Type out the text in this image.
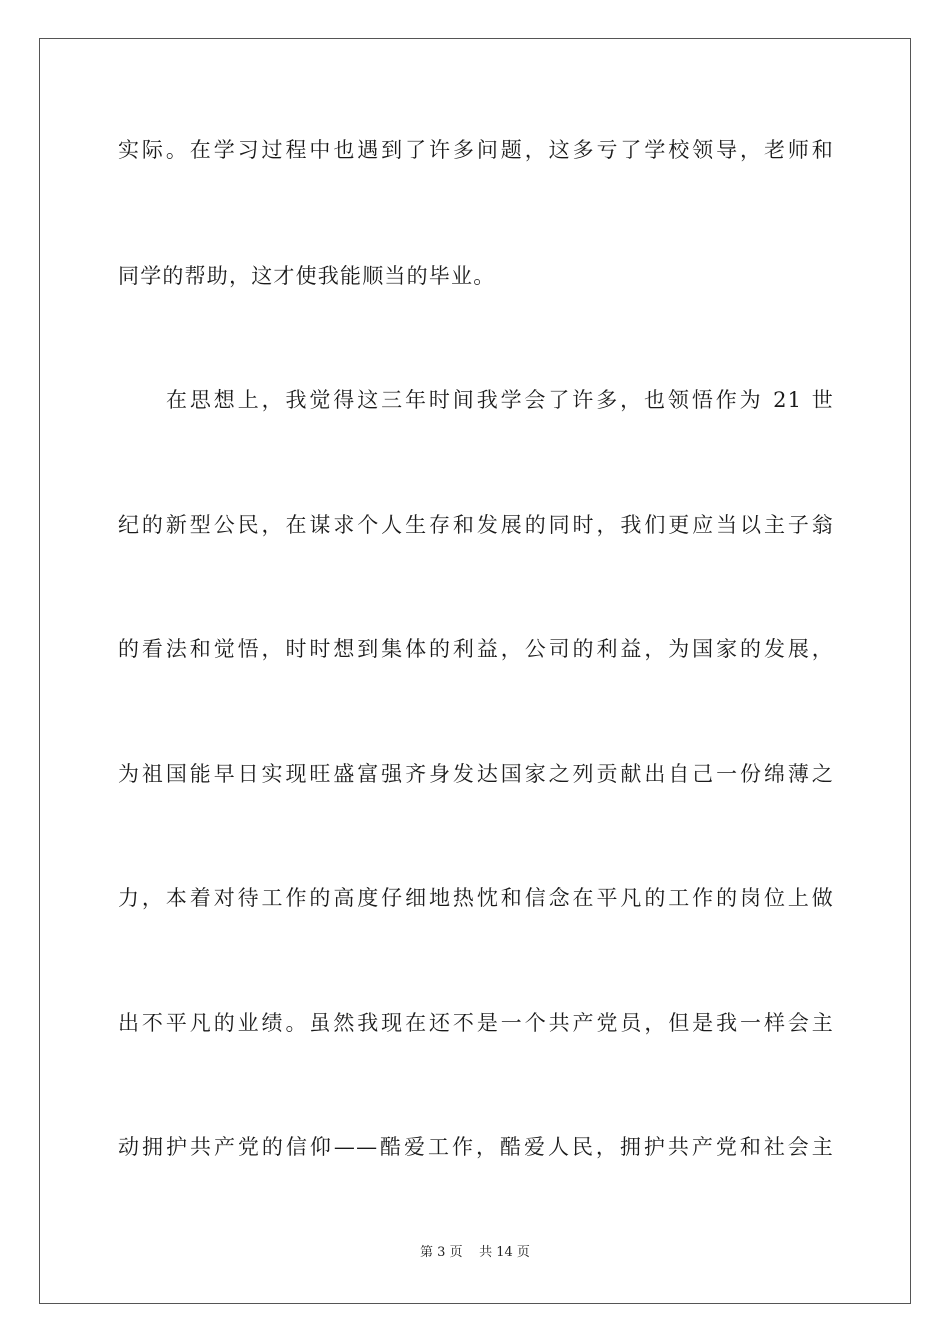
实际。在学习过程中也遇到了许多问题，这多亏了学校领导，老师和
同学的帮助，这才使我能顺当的毕业。
在思想上，我觉得这三年时间我学会了许多，也领悟作为 21 世
纪的新型公民，在谋求个人生存和发展的同时，我们更应当以主子翁
的看法和觉悟，时时想到集体的利益，公司的利益，为国家的发展，
为祖国能早日实现旺盛富强齐身发达国家之列贡献出自己一份绵薄之
力，本着对待工作的高度仔细地热忱和信念在平凡的工作的岗位上做
出不平凡的业绩。虽然我现在还不是一个共产党员，但是我一样会主
动拥护共产党的信仰——酷爱工作，酷爱人民，拥护共产党和社会主
第 3 页 共 14 页
